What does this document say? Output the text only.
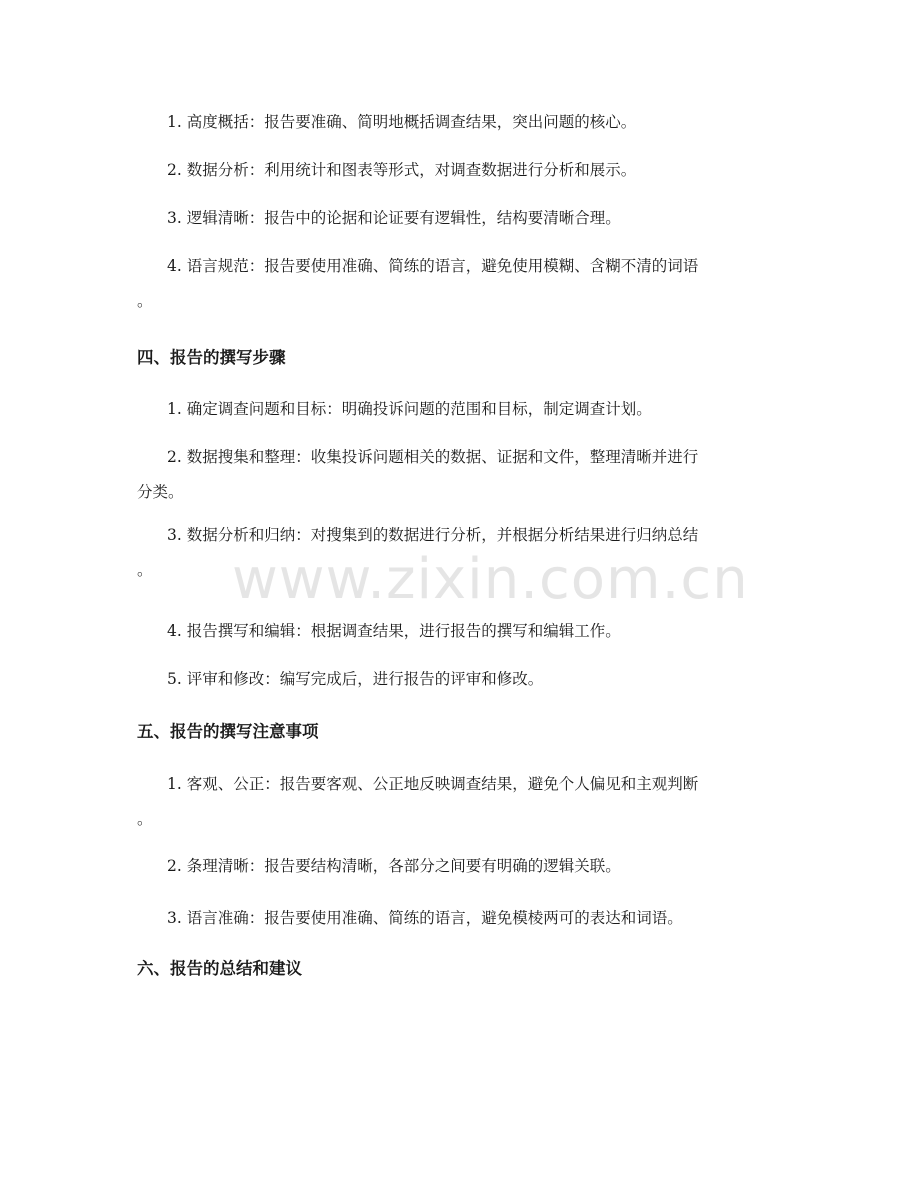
1. 高度概括：报告要准确、简明地概括调查结果，突出问题的核心。

2. 数据分析：利用统计和图表等形式，对调查数据进行分析和展示。

3. 逻辑清晰：报告中的论据和论证要有逻辑性，结构要清晰合理。

4. 语言规范：报告要使用准确、简练的语言，避免使用模糊、含糊不清的词语
。

四、报告的撰写步骤

1. 确定调查问题和目标：明确投诉问题的范围和目标，制定调查计划。

2. 数据搜集和整理：收集投诉问题相关的数据、证据和文件，整理清晰并进行
分类。

3. 数据分析和归纳：对搜集到的数据进行分析，并根据分析结果进行归纳总结
。

4. 报告撰写和编辑：根据调查结果，进行报告的撰写和编辑工作。

5. 评审和修改：编写完成后，进行报告的评审和修改。

五、报告的撰写注意事项

1. 客观、公正：报告要客观、公正地反映调查结果，避免个人偏见和主观判断
。

2. 条理清晰：报告要结构清晰，各部分之间要有明确的逻辑关联。

3. 语言准确：报告要使用准确、简练的语言，避免模棱两可的表达和词语。

六、报告的总结和建议
www.zixin.com.cn
